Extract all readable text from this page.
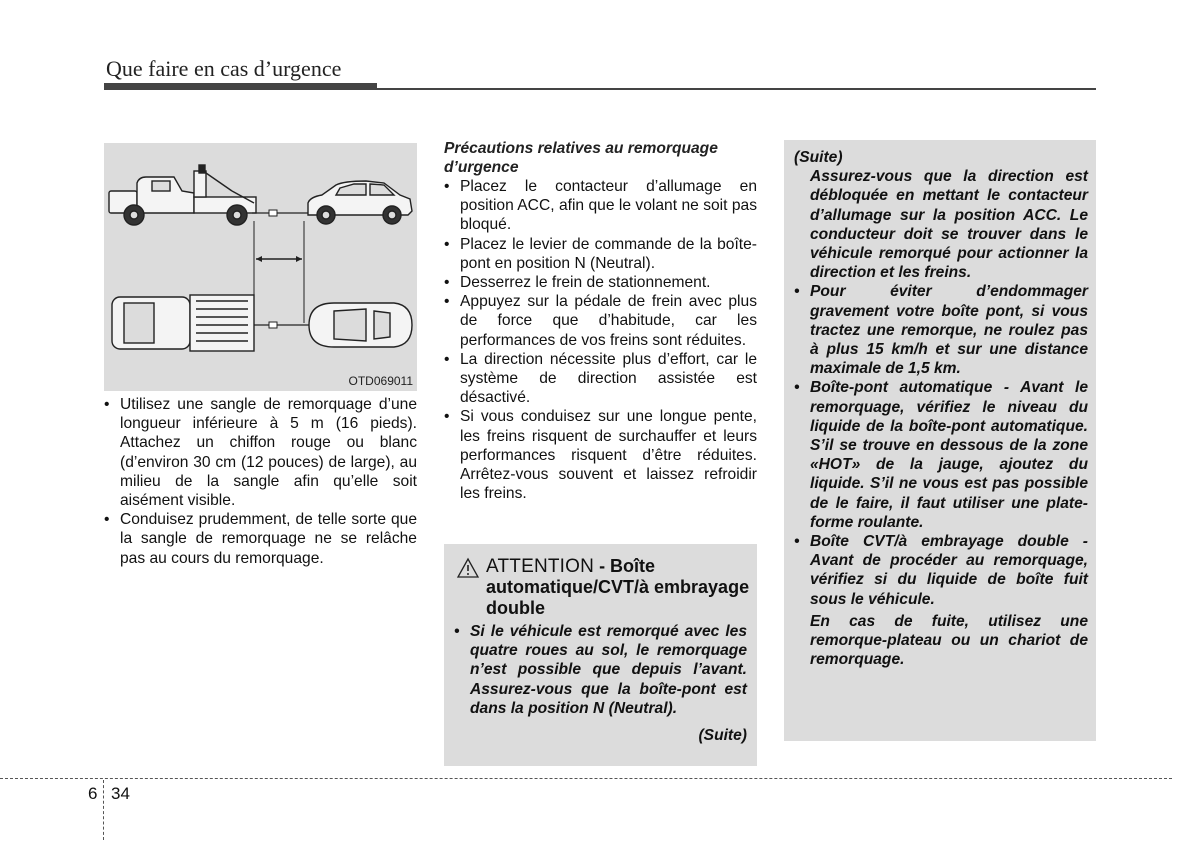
Que faire en cas d’urgence
OTD069011
• Utilisez une sangle de remorquage d’une longueur inférieure à 5 m (16 pieds). Attachez un chiffon rouge ou blanc (d’environ 30 cm (12 pouces) de large), au milieu de la sangle afin qu’elle soit aisément visible.
• Conduisez prudemment, de telle sorte que la sangle de remorquage ne se relâche pas au cours du remorquage.
Précautions relatives au remorquage d’urgence
• Placez le contacteur d’allumage en position ACC, afin que le volant ne soit pas bloqué.
• Placez le levier de commande de la boîte-pont en position N (Neutral).
• Desserrez le frein de stationnement.
• Appuyez sur la pédale de frein avec plus de force que d’habitude, car les performances de vos freins sont réduites.
• La direction nécessite plus d’effort, car le système de direction assistée est désactivé.
• Si vous conduisez sur une longue pente, les freins risquent de surchauffer et leurs performances risquent d’être réduites. Arrêtez-vous souvent et laissez refroidir les freins.
ATTENTION - Boîte automatique/CVT/à embrayage double
• Si le véhicule est remorqué avec les quatre roues au sol, le remorquage n’est possible que depuis l’avant. Assurez-vous que la boîte-pont est dans la position N (Neutral).
(Suite)

(Suite)

Assurez-vous que la direction est débloquée en mettant le contacteur d’allumage sur la position ACC. Le conducteur doit se trouver dans le véhicule remorqué pour actionner la direction et les freins.

• Pour éviter d’endommager gravement votre boîte pont, si vous tractez une remorque, ne roulez pas à plus 15 km/h et sur une distance maximale de 1,5 km.
• Boîte-pont automatique - Avant le remorquage, vérifiez le niveau du liquide de la boîte-pont automatique. S’il se trouve en dessous de la zone «HOT» de la jauge, ajoutez du liquide. S’il ne vous est pas possible de le faire, il faut utiliser une plate-forme roulante.
• Boîte CVT/à embrayage double - Avant de procéder au remorquage, vérifiez si du liquide de boîte fuit sous le véhicule.

En cas de fuite, utilisez une remorque-plateau ou un chariot de remorquage.

6 34
